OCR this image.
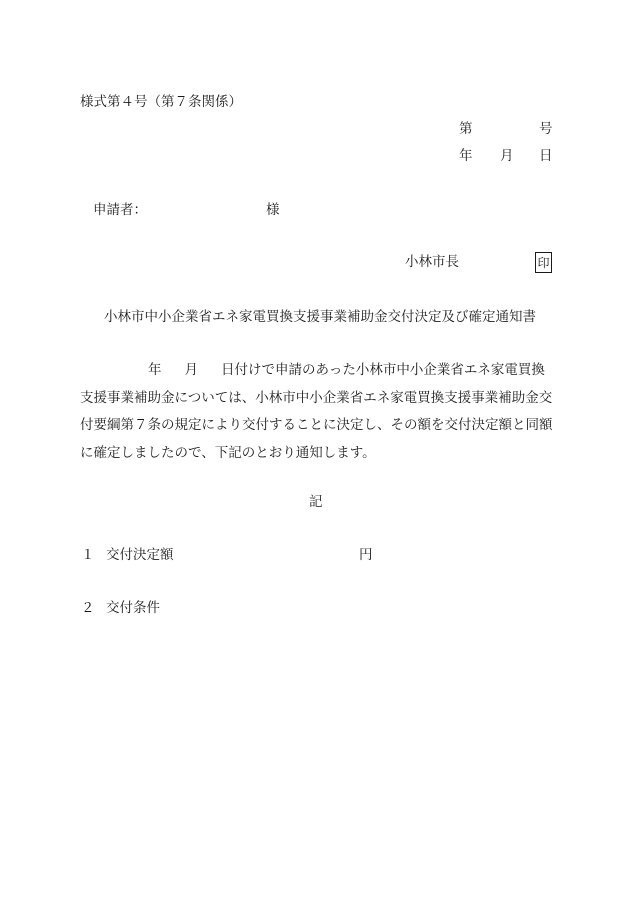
様式第４号（第７条関係）
第	号
年 月 日
申請者：	様
小林市長	印
小林市中小企業省エネ家電買換支援事業補助金交付決定及び確定通知書
年 月 日付けで申請のあった小林市中小企業省エネ家電買換
支援事業補助金については、小林市中小企業省エネ家電買換支援事業補助金交
付要綱第７条の規定により交付することに決定し、その額を交付決定額と同額
に確定しましたので、下記のとおり通知します。
記
１ 交付決定額	円
２ 交付条件
